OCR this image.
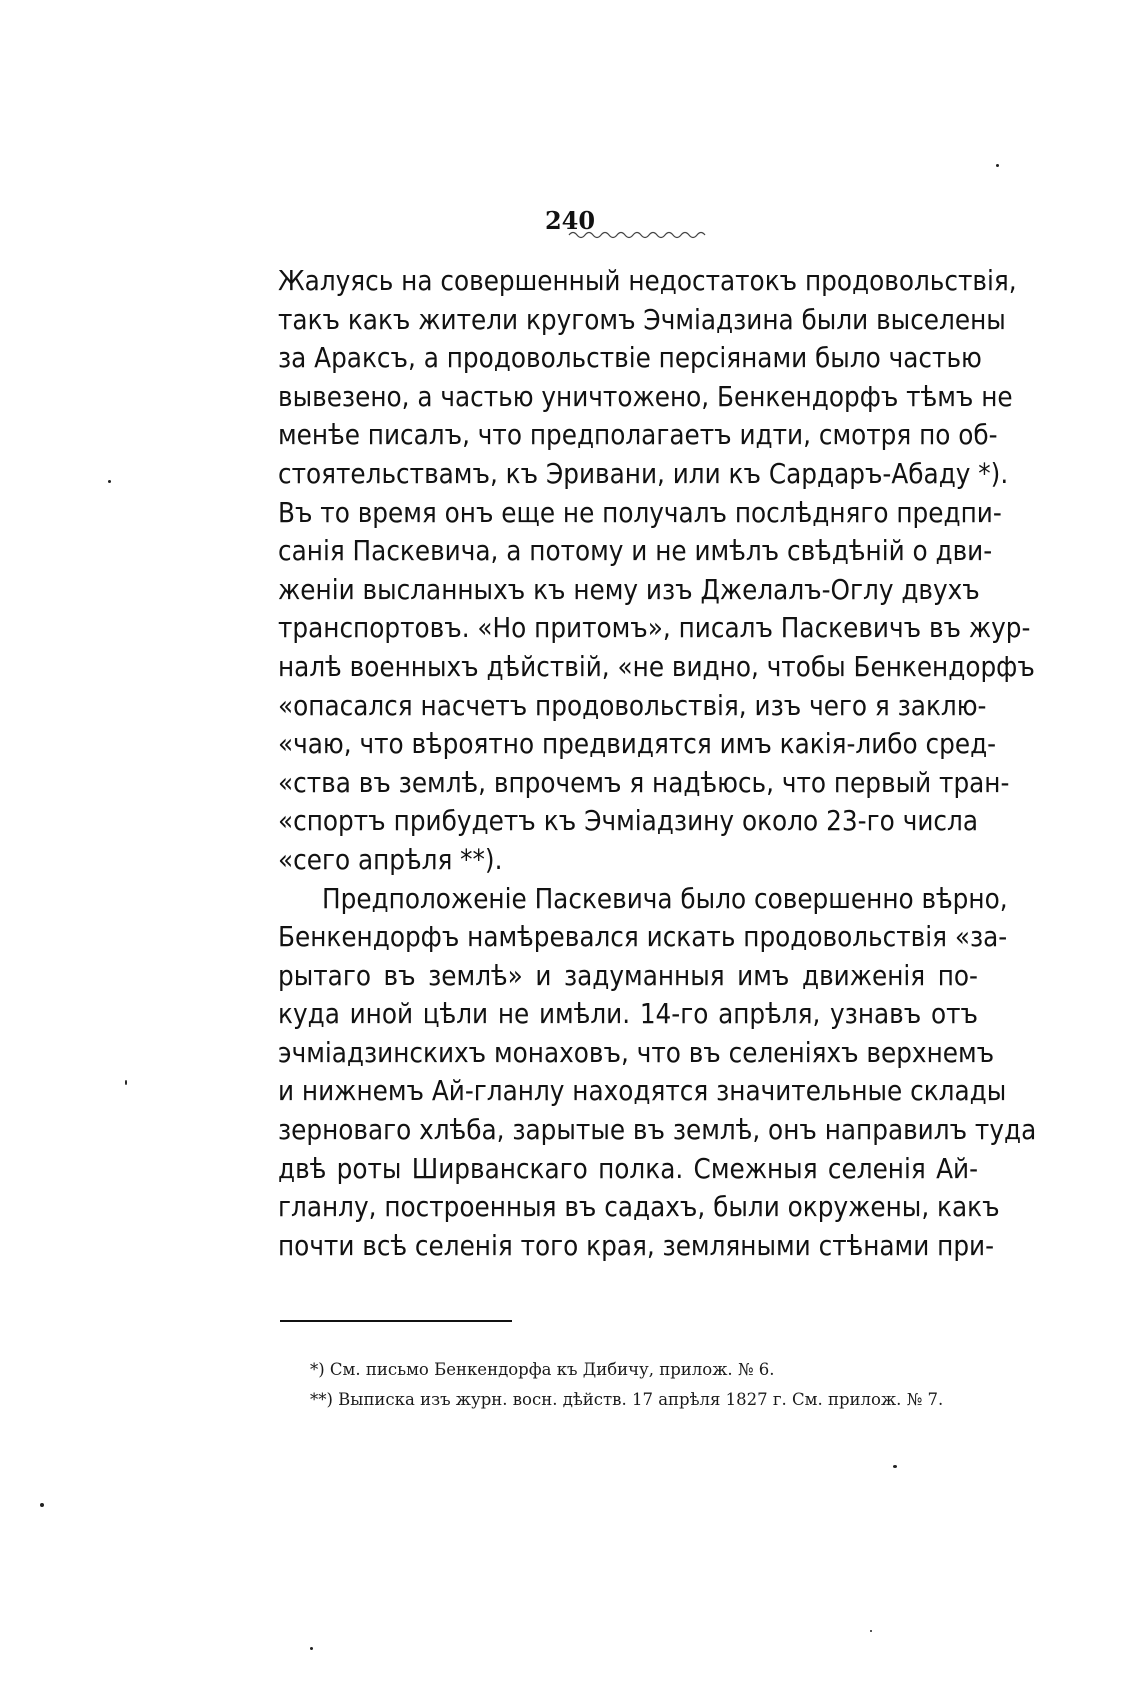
240
Жалуясь на совершенный недостатокъ продовольствія,
такъ какъ жители кругомъ Эчміадзина были выселены
за Араксъ, а продовольствіе персіянами было частью
вывезено, а частью уничтожено, Бенкендорфъ тѣмъ не
менѣе писалъ, что предполагаетъ идти, смотря по об-
стоятельствамъ, къ Эривани, или къ Сардаръ-Абаду *).
Въ то время онъ еще не получалъ послѣдняго предпи-
санія Паскевича, а потому и не имѣлъ свѣдѣній о дви-
женіи высланныхъ къ нему изъ Джелалъ-Оглу двухъ
транспортовъ. «Но притомъ», писалъ Паскевичъ въ жур-
налѣ военныхъ дѣйствій, «не видно, чтобы Бенкендорфъ
«опасался насчетъ продовольствія, изъ чего я заклю-
«чаю, что вѣроятно предвидятся имъ какія-либо сред-
«ства въ землѣ, впрочемъ я надѣюсь, что первый тран-
«спортъ прибудетъ къ Эчміадзину около 23-го числа
«сего апрѣля **).
Предположеніе Паскевича было совершенно вѣрно,
Бенкендорфъ намѣревался искать продовольствія «за-
рытаго въ землѣ» и задуманныя имъ движенія по-
куда иной цѣли не имѣли. 14-го апрѣля, узнавъ отъ
эчміадзинскихъ монаховъ, что въ селеніяхъ верхнемъ
и нижнемъ Ай-гланлу находятся значительные склады
зерноваго хлѣба, зарытые въ землѣ, онъ направилъ туда
двѣ роты Ширванскаго полка. Смежныя селенія Ай-
гланлу, построенныя въ садахъ, были окружены, какъ
почти всѣ селенія того края, земляными стѣнами при-
*) См. письмо Бенкендорфа къ Дибичу, прилож. № 6.
**) Выписка изъ журн. восн. дѣйств. 17 апрѣля 1827 г. См. прилож. № 7.
